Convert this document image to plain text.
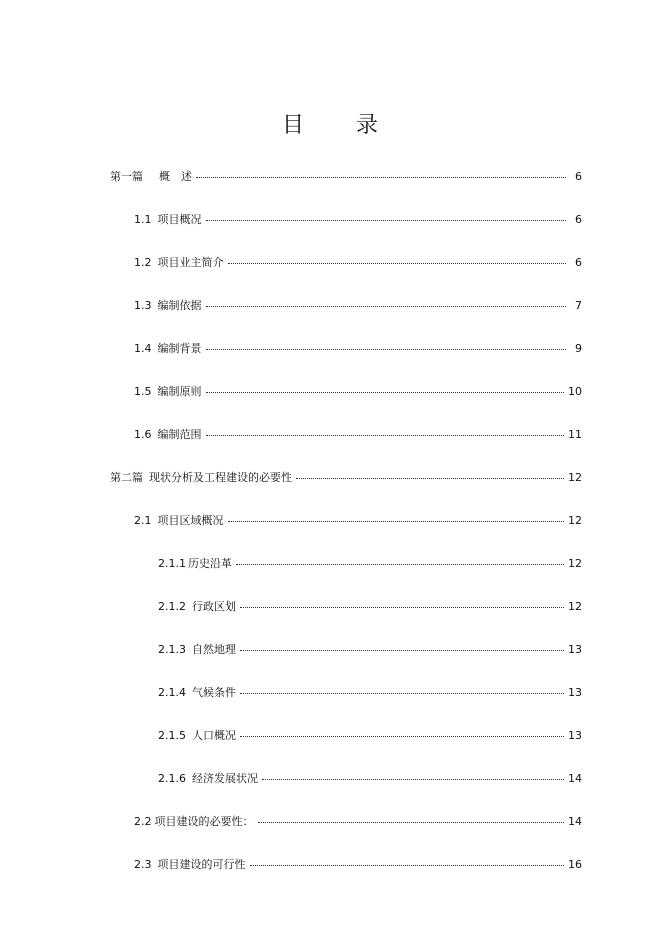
目 录
第一篇 概　述	6
1.1 项目概况	6
1.2 项目业主简介	6
1.3 编制依据	7
1.4 编制背景	9
1.5 编制原则	10
1.6 编制范围	11
第二篇 现状分析及工程建设的必要性	12
2.1 项目区域概况	12
2.1.1 历史沿革	12
2.1.2 行政区划	12
2.1.3 自然地理	13
2.1.4 气候条件	13
2.1.5 人口概况	13
2.1.6 经济发展状况	14
2.2 项目建设的必要性：	14
2.3 项目建设的可行性	16
